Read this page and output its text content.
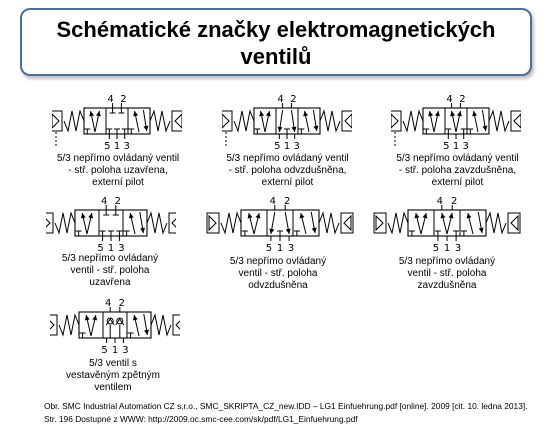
Schématické značky elektromagnetických
ventilů
4 2
5 1 3
4 2
5 1 3
4 2
5 1 3
4 2
5 1 3
4 2
5 1 3
4 2
5 1 3
4 2
5 1 3
5/3 nepřímo ovládaný ventil
- stř. poloha uzavřena,
externí pilot
5/3 nepřímo ovládaný ventil
- stř. poloha odvzdušněna,
externí pilot
5/3 nepřímo ovládaný ventil
- stř. poloha zavzdušněna,
externí pilot
5/3 nepřímo ovládaný
ventil - stř. poloha
uzavřena
5/3 nepřímo ovládaný
ventil - stř. poloha
odvzdušněna
5/3 nepřímo ovládaný
ventil - stř. poloha
zavzdušněna
5/3 ventil s
vestavěným zpětným
ventilem
Obr. SMC Industrial Automation CZ s.r.o., SMC_SKRIPTA_CZ_new.IDD – LG1 Einfuehrung.pdf [online]. 2009 [cit. 10. ledna 2013].
Str. 196 Dostupné z WWW: http://2009.oc.smc-cee.com/sk/pdf/LG1_Einfuehrung.pdf
